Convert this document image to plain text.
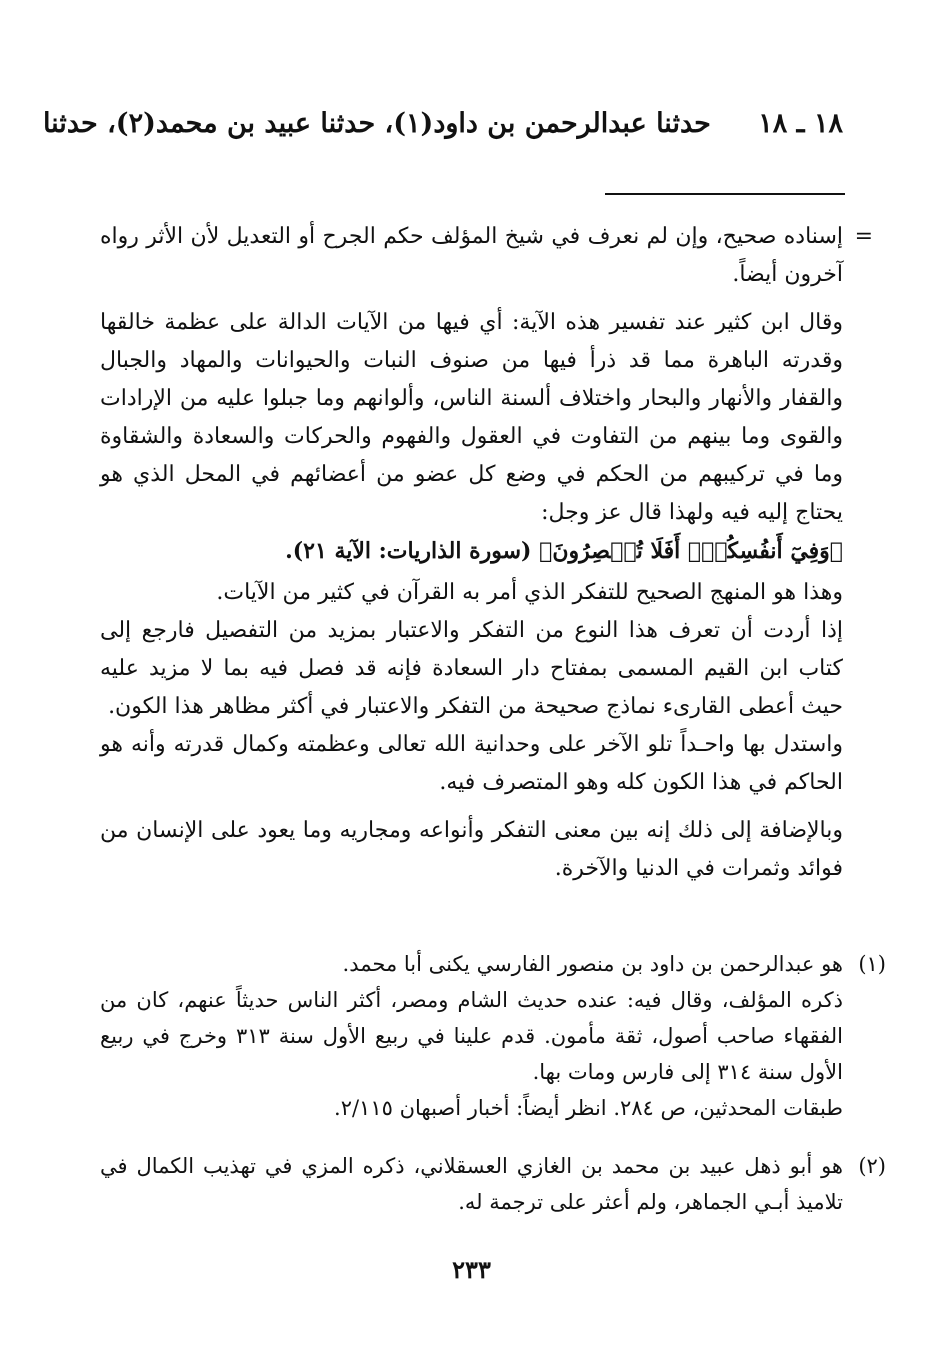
١٨ ـ ١٨ حدثنا عبدالرحمن بن داود(١)، حدثنا عبيد بن محمد(٢)، حدثنا
=

إسناده صحيح، وإن لم نعرف في شيخ المؤلف حكم الجرح أو التعديل لأن الأثر رواه آخرون أيضاً.

وقال ابن كثير عند تفسير هذه الآية: أي فيها من الآيات الدالة على عظمة خالقها وقدرته الباهرة مما قد ذرأ فيها من صنوف النبات والحيوانات والمهاد والجبال والقفار والأنهار والبحار واختلاف ألسنة الناس، وألوانهم وما جبلوا عليه من الإرادات والقوى وما بينهم من التفاوت في العقول والفهوم والحركات والسعادة والشقاوة وما في تركيبهم من الحكم في وضع كل عضو من أعضائهم في المحل الذي هو يحتاج إليه فيه ولهذا قال عز وجل:

﴿وَفِيٓ أَنفُسِكُمۡۚ أَفَلَا تُبۡصِرُونَ﴾ (سورة الذاريات: الآية ٢١).

وهذا هو المنهج الصحيح للتفكر الذي أمر به القرآن في كثير من الآيات.

إذا أردت أن تعرف هذا النوع من التفكر والاعتبار بمزيد من التفصيل فارجع إلى كتاب ابن القيم المسمى بمفتاح دار السعادة فإنه قد فصل فيه بما لا مزيد عليه حيث أعطى القارىء نماذج صحيحة من التفكر والاعتبار في أكثر مظاهر هذا الكون.

واستدل بها واحـداً تلو الآخر على وحدانية الله تعالى وعظمته وكمال قدرته وأنه هو الحاكم في هذا الكون كله وهو المتصرف فيه.

وبالإضافة إلى ذلك إنه بين معنى التفكر وأنواعه ومجاريه وما يعود على الإنسان من فوائد وثمرات في الدنيا والآخرة.

(١)

هو عبدالرحمن بن داود بن منصور الفارسي يكنى أبا محمد.

ذكره المؤلف، وقال فيه: عنده حديث الشام ومصر، أكثر الناس حديثاً عنهم، كان من الفقهاء صاحب أصول، ثقة مأمون. قدم علينا في ربيع الأول سنة ٣١٣ وخرج في ربيع الأول سنة ٣١٤ إلى فارس ومات بها.

طبقات المحدثين، ص ٢٨٤. انظر أيضاً: أخبار أصبهان ٢/١١٥.

(٢)

هو أبو ذهل عبيد بن محمد بن الغازي العسقلاني، ذكره المزي في تهذيب الكمال في تلاميذ أبـي الجماهر، ولم أعثر على ترجمة له.

٢٣٣
